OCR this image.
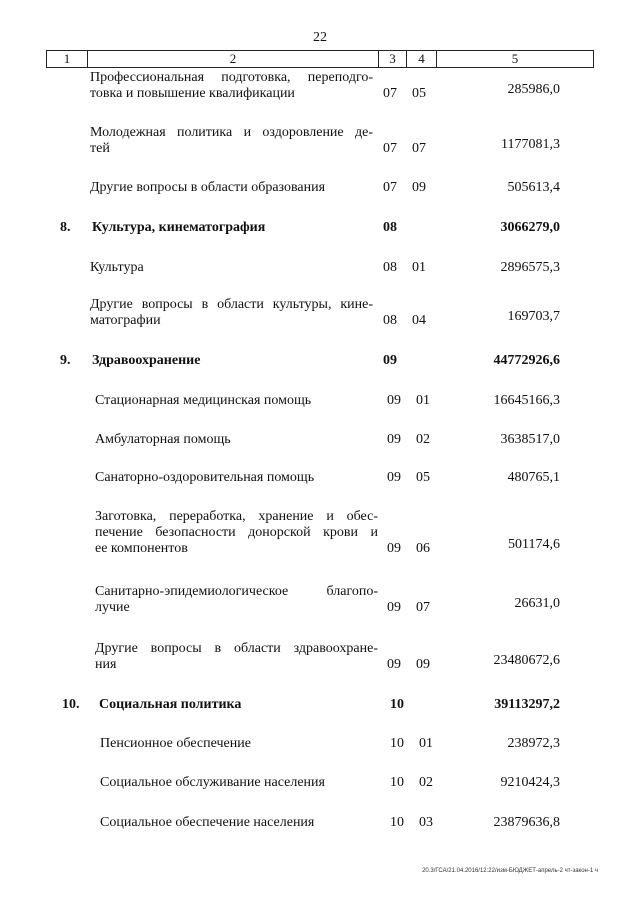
22
1	2	3	4	5
Профессиональная подготовка, переподго-
товка и повышение квалификации	07 05	285986,0
Молодежная политика и оздоровление де-
тей	07 07	1177081,3
Другие вопросы в области образования	07 09	505613,4
8. Культура, кинематография	08	3066279,0
Культура	08 01	2896575,3
Другие вопросы в области культуры, кине-
матографии	08 04	169703,7
9. Здравоохранение	09	44772926,6
Стационарная медицинская помощь	09 01	16645166,3
Амбулаторная помощь	09 02	3638517,0
Санаторно-оздоровительная помощь	09 05	480765,1
Заготовка, переработка, хранение и обес-
печение безопасности донорской крови и
ее компонентов	09 06	501174,6
Санитарно-эпидемиологическое благопо-
лучие	09 07	26631,0
Другие вопросы в области здравоохране-
ния	09 09	23480672,6
10. Социальная политика	10	39113297,2
Пенсионное обеспечение	10 01	238972,3
Социальное обслуживание населения	10 02	9210424,3
Социальное обеспечение населения	10 03	23879636,8
20.3/ГСА/21.04.2016/12:22/изм-БЮДЖЕТ-апрель-2 чт-закон-1 ч
